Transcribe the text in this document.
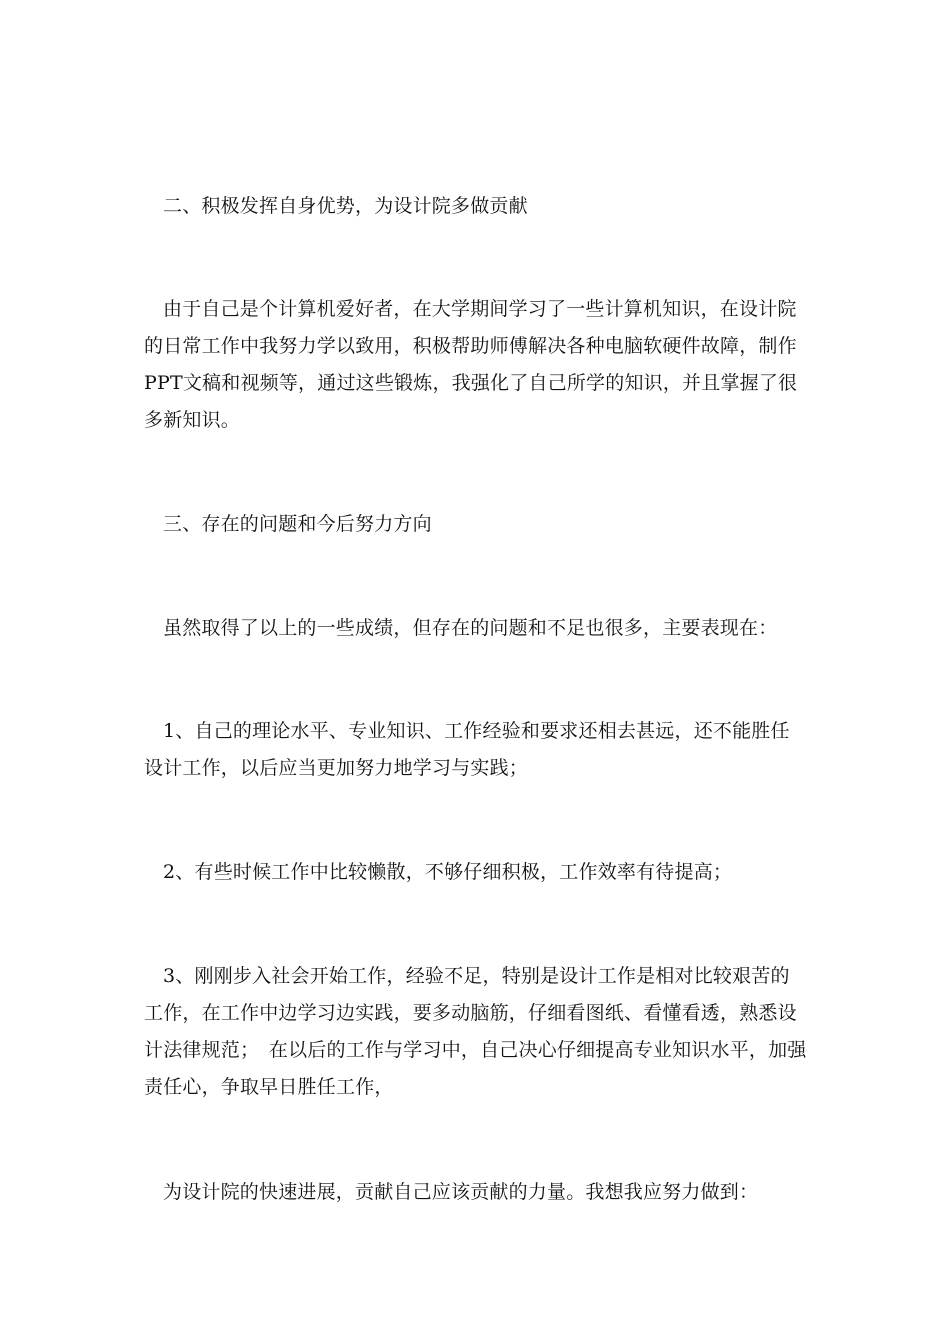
二、积极发挥自身优势，为设计院多做贡献

由于自己是个计算机爱好者，在大学期间学习了一些计算机知识，在设计院的日常工作中我努力学以致用，积极帮助师傅解决各种电脑软硬件故障，制作PPT文稿和视频等，通过这些锻炼，我强化了自己所学的知识，并且掌握了很多新知识。

三、存在的问题和今后努力方向

虽然取得了以上的一些成绩，但存在的问题和不足也很多，主要表现在：

1、自己的理论水平、专业知识、工作经验和要求还相去甚远，还不能胜任设计工作，以后应当更加努力地学习与实践；

2、有些时候工作中比较懒散，不够仔细积极，工作效率有待提高；

3、刚刚步入社会开始工作，经验不足，特别是设计工作是相对比较艰苦的工作，在工作中边学习边实践，要多动脑筋，仔细看图纸、看懂看透，熟悉设计法律规范；　在以后的工作与学习中，自己决心仔细提高专业知识水平，加强责任心，争取早日胜任工作，

为设计院的快速进展，贡献自己应该贡献的力量。我想我应努力做到：
